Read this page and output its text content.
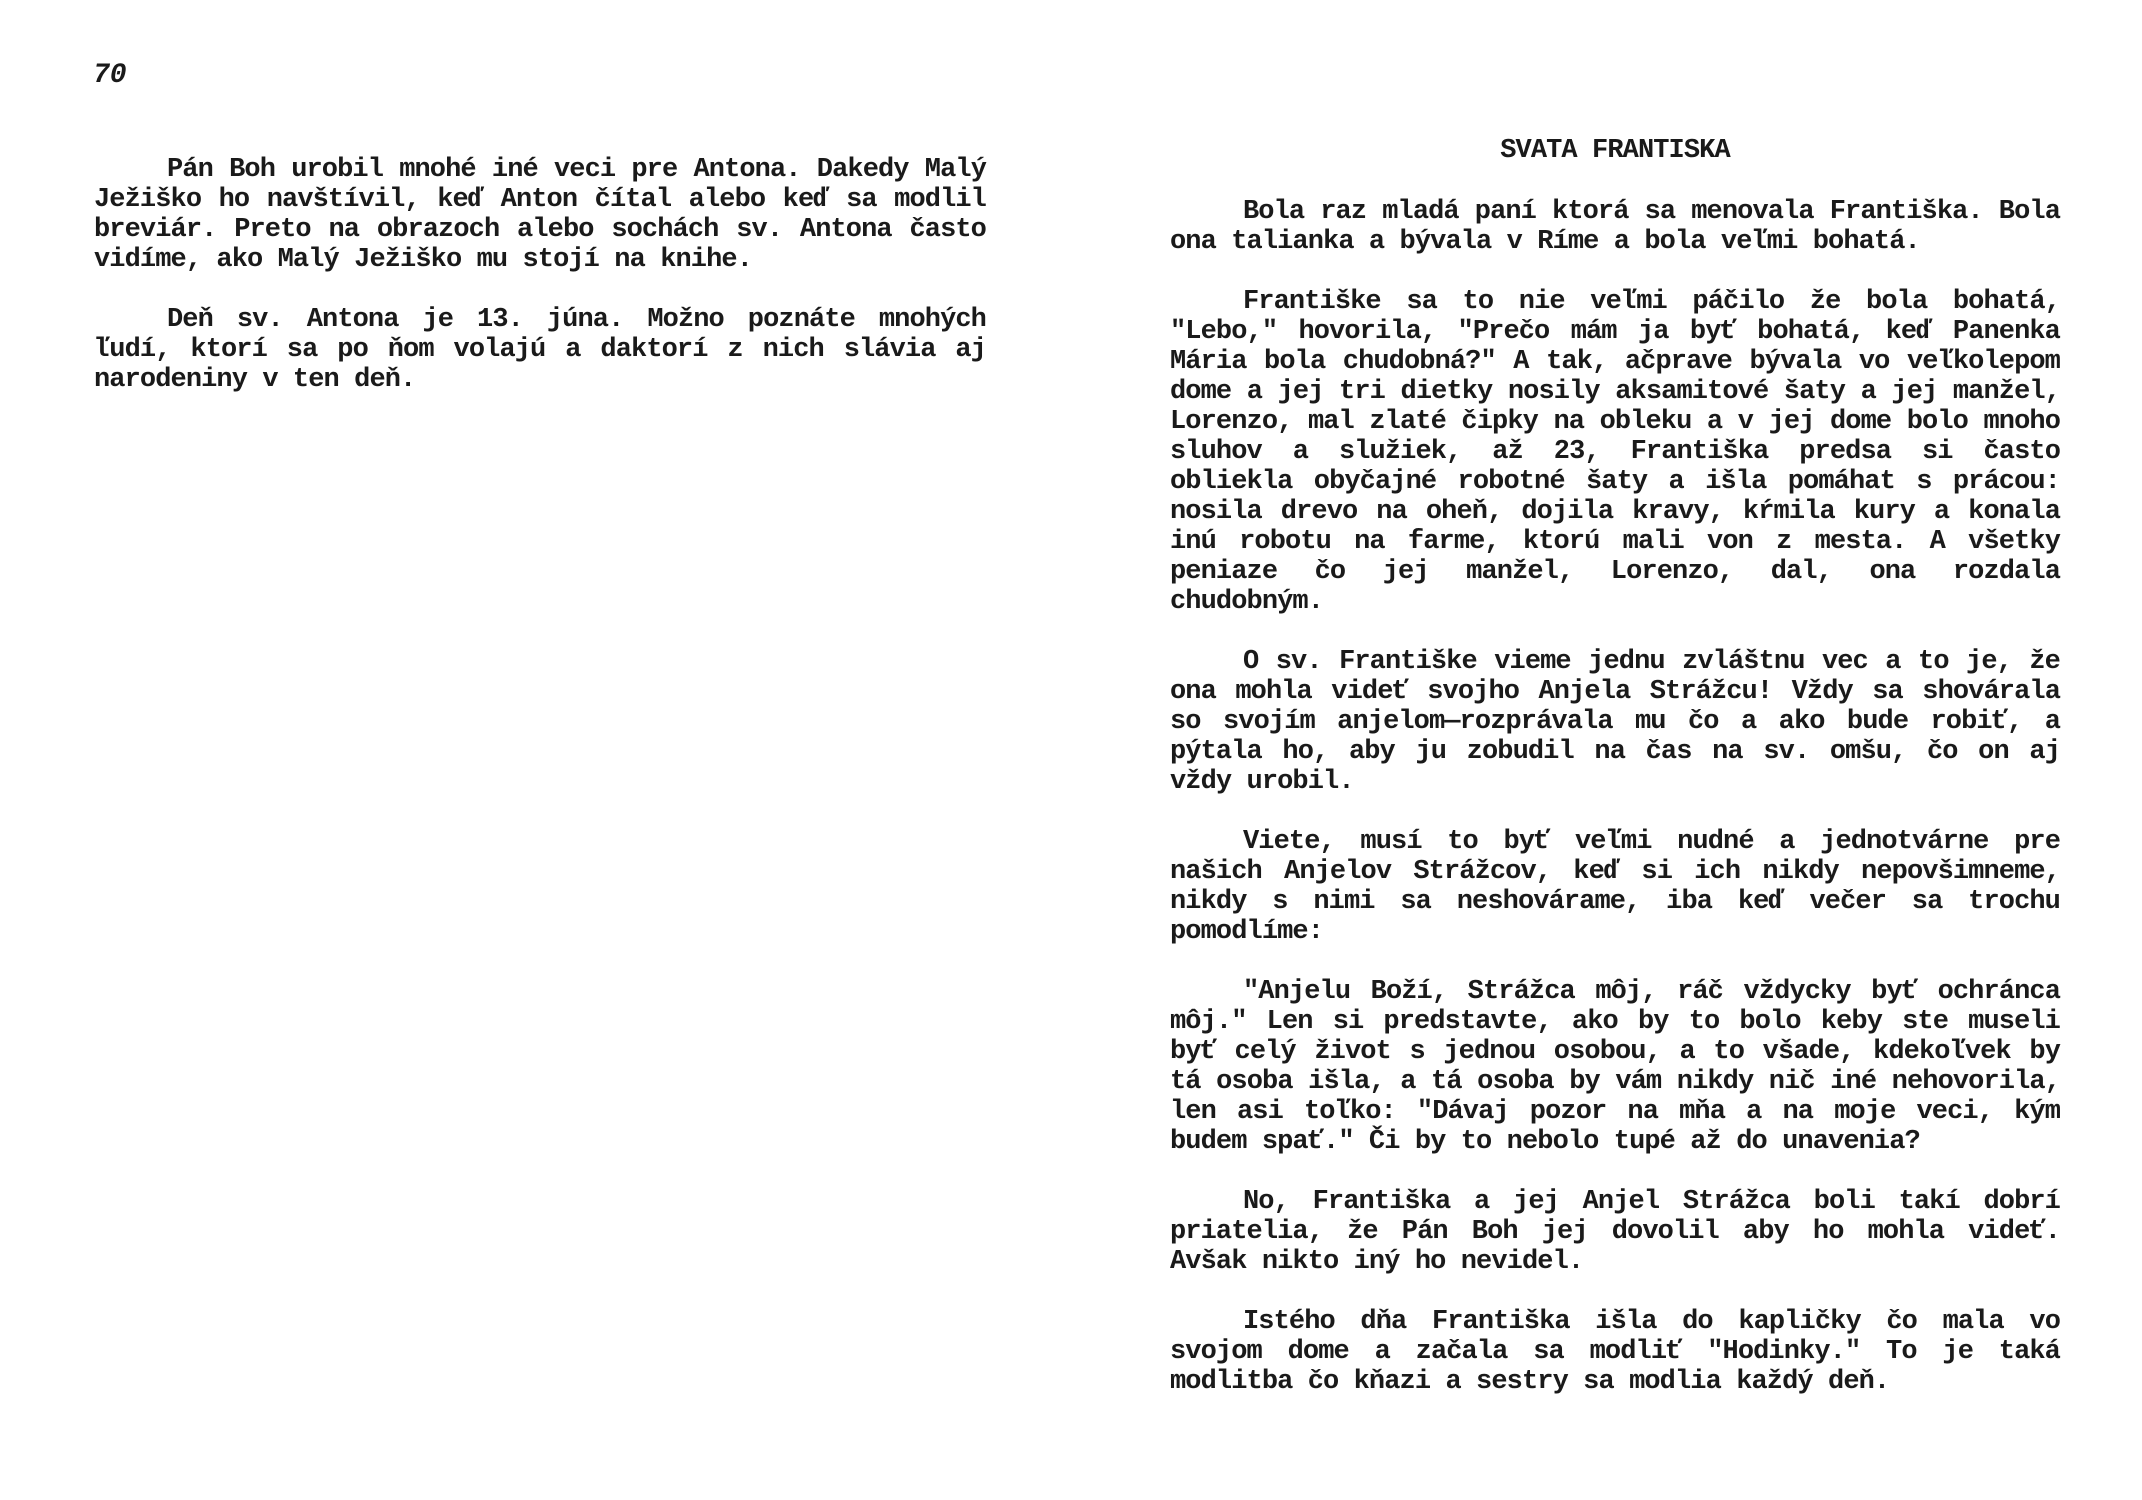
70

Pán Boh urobil mnohé iné veci pre Antona. Dakedy Malý Ježiško ho navštívil, keď Anton čítal alebo keď sa modlil breviár. Preto na obrazoch alebo sochách sv. Antona často vidíme, ako Malý Ježiško mu stojí na knihe.

Deň sv. Antona je 13. júna. Možno poznáte mnohých ľudí, ktorí sa po ňom volajú a daktorí z nich slávia aj narodeniny v ten deň.

SVATA FRANTISKA

Bola raz mladá paní ktorá sa menovala Františka. Bola ona talianka a bývala v Ríme a bola veľmi bohatá.

Františke sa to nie veľmi páčilo že bola bohatá, "Lebo," hovorila, "Prečo mám ja byť bohatá, keď Panenka Mária bola chudobná?" A tak, ačprave bývala vo veľkolepom dome a jej tri dietky nosily aksamitové šaty a jej manžel, Lorenzo, mal zlaté čipky na obleku a v jej dome bolo mnoho sluhov a služiek, až 23, Františka predsa si často obliekla obyčajné robotné šaty a išla pomáhat s prácou: nosila drevo na oheň, dojila kravy, kŕmila kury a konala inú robotu na farme, ktorú mali von z mesta. A všetky peniaze čo jej manžel, Lorenzo, dal, ona rozdala chudobným.

O sv. Františke vieme jednu zvláštnu vec a to je, že ona mohla videť svojho Anjela Strážcu! Vždy sa shovárala so svojím anjelom—rozprávala mu čo a ako bude robiť, a pýtala ho, aby ju zobudil na čas na sv. omšu, čo on aj vždy urobil.

Viete, musí to byť veľmi nudné a jednotvárne pre našich Anjelov Strážcov, keď si ich nikdy nepovšimneme, nikdy s nimi sa neshovárame, iba keď večer sa trochu pomodlíme:

"Anjelu Boží, Strážca môj, ráč vždycky byť ochránca môj." Len si predstavte, ako by to bolo keby ste museli byť celý život s jednou osobou, a to všade, kdekoľvek by tá osoba išla, a tá osoba by vám nikdy nič iné nehovorila, len asi toľko: "Dávaj pozor na mňa a na moje veci, kým budem spať." Či by to nebolo tupé až do unavenia?

No, Františka a jej Anjel Strážca boli takí dobrí priatelia, že Pán Boh jej dovolil aby ho mohla videť. Avšak nikto iný ho nevidel.

Istého dňa Františka išla do kapličky čo mala vo svojom dome a začala sa modliť "Hodinky." To je taká modlitba čo kňazi a sestry sa modlia každý deň.
